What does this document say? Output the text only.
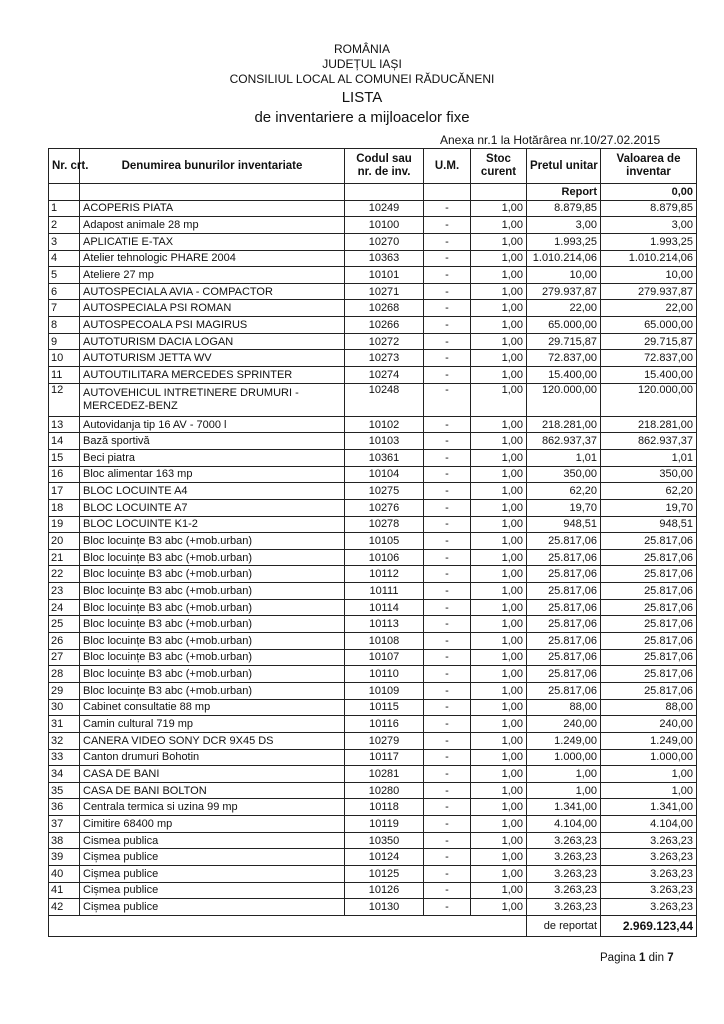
ROMÂNIA
JUDEȚUL IAȘI
CONSILIUL LOCAL AL COMUNEI RĂDUCĂNENI
LISTA
de inventariere a mijloacelor fixe
Anexa nr.1 la Hotărârea nr.10/27.02.2015
Nr. crt.	Denumirea bunurilor inventariate	Codul sau nr. de inv.	U.M.	Stoc curent	Pretul unitar	Valoarea de inventar
					Report	0,00
1	ACOPERIS PIATA	10249	-	1,00	8.879,85	8.879,85
2	Adapost animale 28 mp	10100	-	1,00	3,00	3,00
3	APLICATIE E-TAX	10270	-	1,00	1.993,25	1.993,25
4	Atelier tehnologic PHARE 2004	10363	-	1,00	1.010.214,06	1.010.214,06
5	Ateliere 27 mp	10101	-	1,00	10,00	10,00
6	AUTOSPECIALA AVIA - COMPACTOR	10271	-	1,00	279.937,87	279.937,87
7	AUTOSPECIALA PSI ROMAN	10268	-	1,00	22,00	22,00
8	AUTOSPECOALA PSI MAGIRUS	10266	-	1,00	65.000,00	65.000,00
9	AUTOTURISM DACIA LOGAN	10272	-	1,00	29.715,87	29.715,87
10	AUTOTURISM JETTA WV	10273	-	1,00	72.837,00	72.837,00
11	AUTOUTILITARA MERCEDES SPRINTER	10274	-	1,00	15.400,00	15.400,00
12	AUTOVEHICUL INTRETINERE DRUMURI - MERCEDEZ-BENZ	10248	-	1,00	120.000,00	120.000,00
13	Autovidanja tip 16 AV - 7000 l	10102	-	1,00	218.281,00	218.281,00
14	Bază sportivă	10103	-	1,00	862.937,37	862.937,37
15	Beci piatra	10361	-	1,00	1,01	1,01
16	Bloc alimentar 163 mp	10104	-	1,00	350,00	350,00
17	BLOC LOCUINTE A4	10275	-	1,00	62,20	62,20
18	BLOC LOCUINTE A7	10276	-	1,00	19,70	19,70
19	BLOC LOCUINTE K1-2	10278	-	1,00	948,51	948,51
20	Bloc locuințe B3 abc (+mob.urban)	10105	-	1,00	25.817,06	25.817,06
21	Bloc locuințe B3 abc (+mob.urban)	10106	-	1,00	25.817,06	25.817,06
22	Bloc locuințe B3 abc (+mob.urban)	10112	-	1,00	25.817,06	25.817,06
23	Bloc locuințe B3 abc (+mob.urban)	10111	-	1,00	25.817,06	25.817,06
24	Bloc locuințe B3 abc (+mob.urban)	10114	-	1,00	25.817,06	25.817,06
25	Bloc locuințe B3 abc (+mob.urban)	10113	-	1,00	25.817,06	25.817,06
26	Bloc locuințe B3 abc (+mob.urban)	10108	-	1,00	25.817,06	25.817,06
27	Bloc locuințe B3 abc (+mob.urban)	10107	-	1,00	25.817,06	25.817,06
28	Bloc locuințe B3 abc (+mob.urban)	10110	-	1,00	25.817,06	25.817,06
29	Bloc locuințe B3 abc (+mob.urban)	10109	-	1,00	25.817,06	25.817,06
30	Cabinet consultatie 88 mp	10115	-	1,00	88,00	88,00
31	Camin cultural 719 mp	10116	-	1,00	240,00	240,00
32	CANERA VIDEO SONY DCR 9X45 DS	10279	-	1,00	1.249,00	1.249,00
33	Canton drumuri Bohotin	10117	-	1,00	1.000,00	1.000,00
34	CASA DE BANI	10281	-	1,00	1,00	1,00
35	CASA DE BANI BOLTON	10280	-	1,00	1,00	1,00
36	Centrala termica si uzina 99 mp	10118	-	1,00	1.341,00	1.341,00
37	Cimitire 68400 mp	10119	-	1,00	4.104,00	4.104,00
38	Cismea publica	10350	-	1,00	3.263,23	3.263,23
39	Cișmea publice	10124	-	1,00	3.263,23	3.263,23
40	Cișmea publice	10125	-	1,00	3.263,23	3.263,23
41	Cișmea publice	10126	-	1,00	3.263,23	3.263,23
42	Cișmea publice	10130	-	1,00	3.263,23	3.263,23
					de reportat	2.969.123,44
Pagina 1 din 7
